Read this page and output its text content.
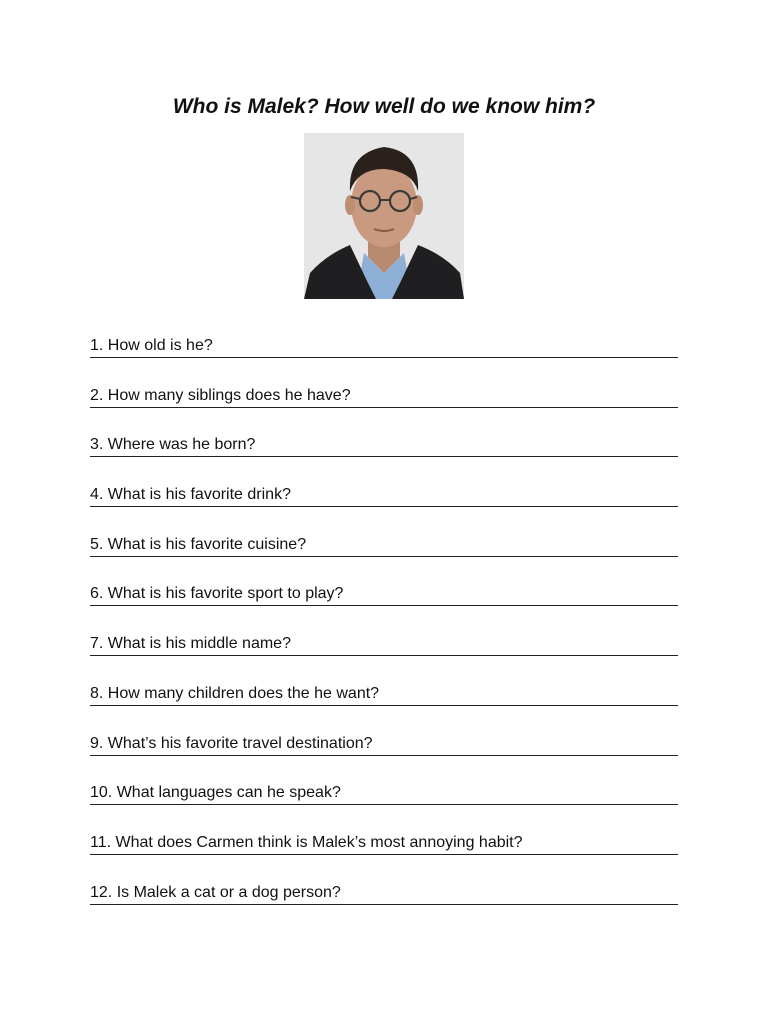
Who is Malek? How well do we know him?
1. How old is he?
2. How many siblings does he have?
3. Where was he born?
4. What is his favorite drink?
5. What is his favorite cuisine?
6. What is his favorite sport to play?
7. What is his middle name?
8. How many children does the he want?
9. What’s his favorite travel destination?
10. What languages can he speak?
11. What does Carmen think is Malek’s most annoying habit?
12. Is Malek a cat or a dog person?
